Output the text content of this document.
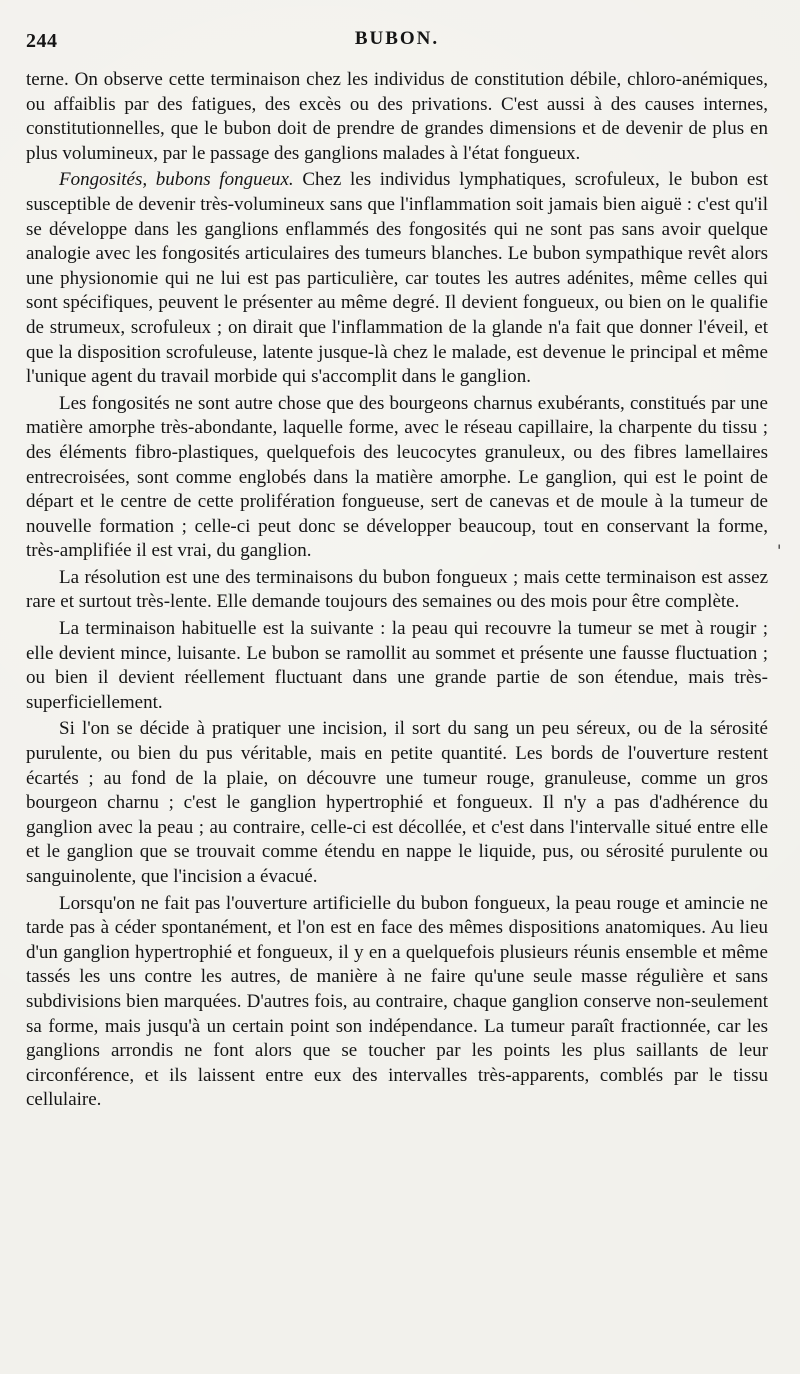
244	BUBON.

terne. On observe cette terminaison chez les individus de constitution débile, chloro-anémiques, ou affaiblis par des fatigues, des excès ou des privations. C'est aussi à des causes internes, constitutionnelles, que le bubon doit de prendre de grandes dimensions et de devenir de plus en plus volumineux, par le passage des ganglions malades à l'état fongueux.

Fongosités, bubons fongueux. Chez les individus lymphatiques, scrofuleux, le bubon est susceptible de devenir très-volumineux sans que l'inflammation soit jamais bien aiguë : c'est qu'il se développe dans les ganglions enflammés des fongosités qui ne sont pas sans avoir quelque analogie avec les fongosités articulaires des tumeurs blanches. Le bubon sympathique revêt alors une physionomie qui ne lui est pas particulière, car toutes les autres adénites, même celles qui sont spécifiques, peuvent le présenter au même degré. Il devient fongueux, ou bien on le qualifie de strumeux, scrofuleux ; on dirait que l'inflammation de la glande n'a fait que donner l'éveil, et que la disposition scrofuleuse, latente jusque-là chez le malade, est devenue le principal et même l'unique agent du travail morbide qui s'accomplit dans le ganglion.

Les fongosités ne sont autre chose que des bourgeons charnus exubérants, constitués par une matière amorphe très-abondante, laquelle forme, avec le réseau capillaire, la charpente du tissu ; des éléments fibro-plastiques, quelquefois des leucocytes granuleux, ou des fibres lamellaires entrecroisées, sont comme englobés dans la matière amorphe. Le ganglion, qui est le point de départ et le centre de cette prolifération fongueuse, sert de canevas et de moule à la tumeur de nouvelle formation ; celle-ci peut donc se développer beaucoup, tout en conservant la forme, très-amplifiée il est vrai, du ganglion.

La résolution est une des terminaisons du bubon fongueux ; mais cette terminaison est assez rare et surtout très-lente. Elle demande toujours des semaines ou des mois pour être complète.

La terminaison habituelle est la suivante : la peau qui recouvre la tumeur se met à rougir ; elle devient mince, luisante. Le bubon se ramollit au sommet et présente une fausse fluctuation ; ou bien il devient réellement fluctuant dans une grande partie de son étendue, mais très-superficiellement.

Si l'on se décide à pratiquer une incision, il sort du sang un peu séreux, ou de la sérosité purulente, ou bien du pus véritable, mais en petite quantité. Les bords de l'ouverture restent écartés ; au fond de la plaie, on découvre une tumeur rouge, granuleuse, comme un gros bourgeon charnu ; c'est le ganglion hypertrophié et fongueux. Il n'y a pas d'adhérence du ganglion avec la peau ; au contraire, celle-ci est décollée, et c'est dans l'intervalle situé entre elle et le ganglion que se trouvait comme étendu en nappe le liquide, pus, ou sérosité purulente ou sanguinolente, que l'incision a évacué.

Lorsqu'on ne fait pas l'ouverture artificielle du bubon fongueux, la peau rouge et amincie ne tarde pas à céder spontanément, et l'on est en face des mêmes dispositions anatomiques. Au lieu d'un ganglion hypertrophié et fongueux, il y en a quelquefois plusieurs réunis ensemble et même tassés les uns contre les autres, de manière à ne faire qu'une seule masse régulière et sans subdivisions bien marquées. D'autres fois, au contraire, chaque ganglion conserve non-seulement sa forme, mais jusqu'à un certain point son indépendance. La tumeur paraît fractionnée, car les ganglions arrondis ne font alors que se toucher par les points les plus saillants de leur circonférence, et ils laissent entre eux des intervalles très-apparents, comblés par le tissu cellulaire.

'
